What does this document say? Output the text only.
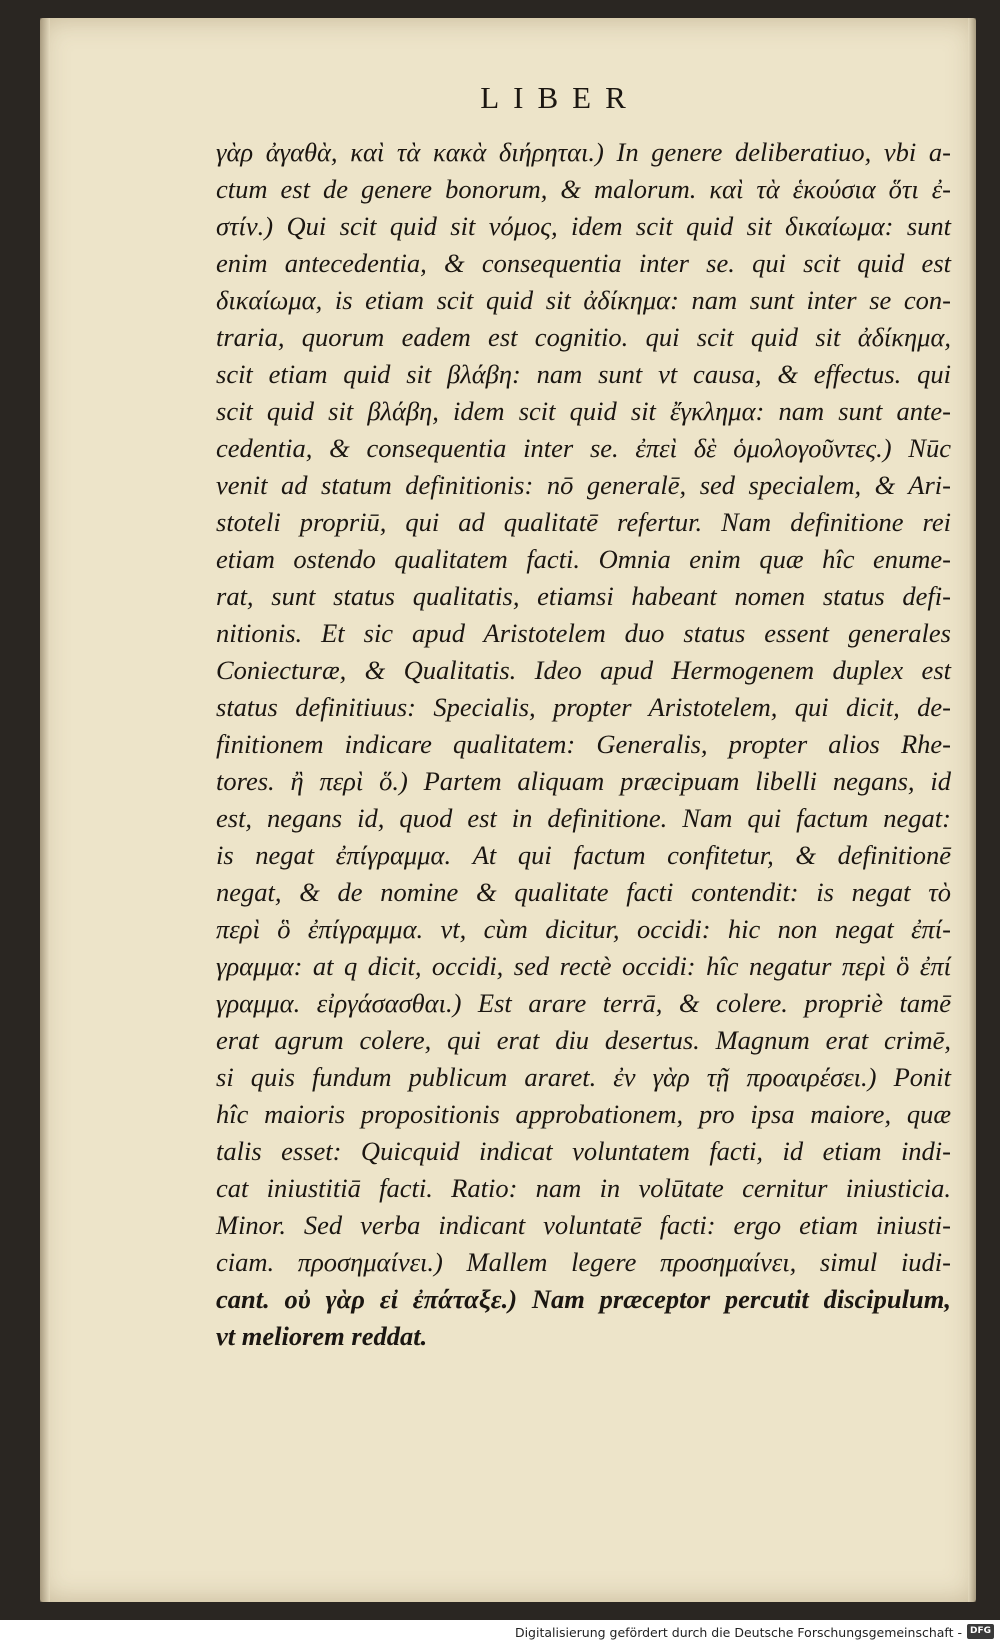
LIBER
γὰρ ἀγαθὰ, καὶ τὰ κακὰ διήρηται.) In genere deliberatiuo, vbi a-
ctum est de genere bonorum, & malorum. καὶ τὰ ἑκούσια ὅτι ἐ-
στίν.) Qui scit quid sit νόμος, idem scit quid sit δικαίωμα: sunt
enim antecedentia, & consequentia inter se. qui scit quid est
δικαίωμα, is etiam scit quid sit ἀδίκημα: nam sunt inter se con-
traria, quorum eadem est cognitio. qui scit quid sit ἀδίκημα,
scit etiam quid sit βλάβη: nam sunt vt causa, & effectus. qui
scit quid sit βλάβη, idem scit quid sit ἔγκλημα: nam sunt ante-
cedentia, & consequentia inter se. ἐπεὶ δὲ ὁμολογοῦντες.) Nūc
venit ad statum definitionis: nō generalē, sed specialem, & Ari-
stoteli propriū, qui ad qualitatē refertur. Nam definitione rei
etiam ostendo qualitatem facti. Omnia enim quæ hîc enume-
rat, sunt status qualitatis, etiamsi habeant nomen status defi-
nitionis. Et sic apud Aristotelem duo status essent generales
Coniecturæ, & Qualitatis. Ideo apud Hermogenem duplex est
status definitiuus: Specialis, propter Aristotelem, qui dicit, de-
finitionem indicare qualitatem: Generalis, propter alios Rhe-
tores. ἢ περὶ ὅ.) Partem aliquam præcipuam libelli negans, id
est, negans id, quod est in definitione. Nam qui factum negat:
is negat ἐπίγραμμα. At qui factum confitetur, & definitionē
negat, & de nomine & qualitate facti contendit: is negat τὸ
περὶ ὃ ἐπίγραμμα. vt, cùm dicitur, occidi: hic non negat ἐπί-
γραμμα: at q dicit, occidi, sed rectè occidi: hîc negatur περὶ ὃ ἐπί
γραμμα. εἰργάσασθαι.) Est arare terrā, & colere. propriè tamē
erat agrum colere, qui erat diu desertus. Magnum erat crimē,
si quis fundum publicum araret. ἐν γὰρ τῇ προαιρέσει.) Ponit
hîc maioris propositionis approbationem, pro ipsa maiore, quæ
talis esset: Quicquid indicat voluntatem facti, id etiam indi-
cat iniustitiā facti. Ratio: nam in volūtate cernitur iniusticia.
Minor. Sed verba indicant voluntatē facti: ergo etiam iniusti-
ciam. προσημαίνει.) Mallem legere προσημαίνει, simul iudi-
cant. οὐ γὰρ εἰ ἐπάταξε.) Nam præceptor percutit discipulum,
vt meliorem reddat.
Digitalisierung gefördert durch die Deutsche Forschungsgemeinschaft - DFG
